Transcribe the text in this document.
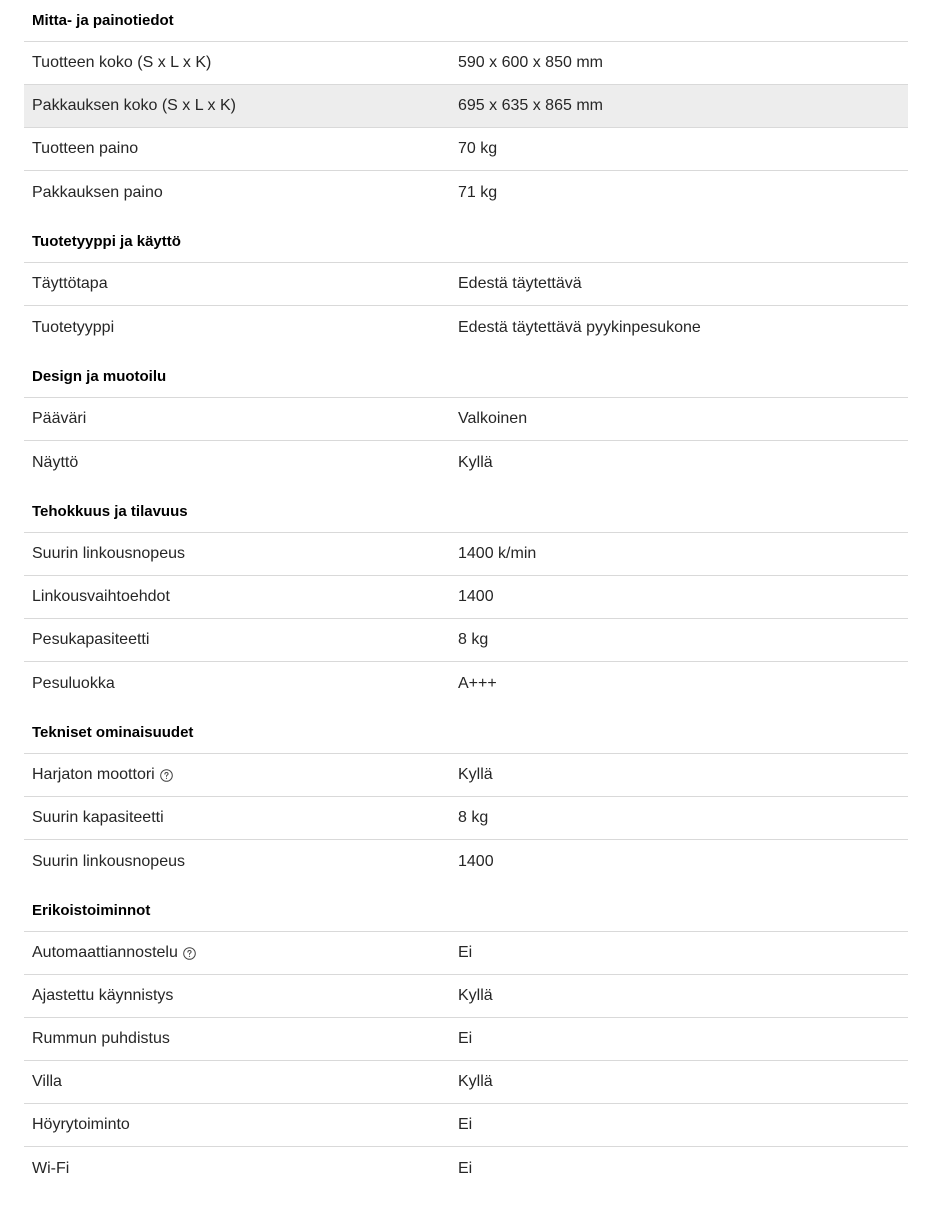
Mitta- ja painotiedot
Tuotteen koko (S x L x K)	590 x 600 x 850 mm
Pakkauksen koko (S x L x K)	695 x 635 x 865 mm
Tuotteen paino	70 kg
Pakkauksen paino	71 kg
Tuotetyyppi ja käyttö
Täyttötapa	Edestä täytettävä
Tuotetyyppi	Edestä täytettävä pyykinpesukone
Design ja muotoilu
Pääväri	Valkoinen
Näyttö	Kyllä
Tehokkuus ja tilavuus
Suurin linkousnopeus	1400 k/min
Linkousvaihtoehdot	1400
Pesukapasiteetti	8 kg
Pesuluokka	A+++
Tekniset ominaisuudet
Harjaton moottori	Kyllä
Suurin kapasiteetti	8 kg
Suurin linkousnopeus	1400
Erikoistoiminnot
Automaattiannostelu	Ei
Ajastettu käynnistys	Kyllä
Rummun puhdistus	Ei
Villa	Kyllä
Höyrytoiminto	Ei
Wi-Fi	Ei
